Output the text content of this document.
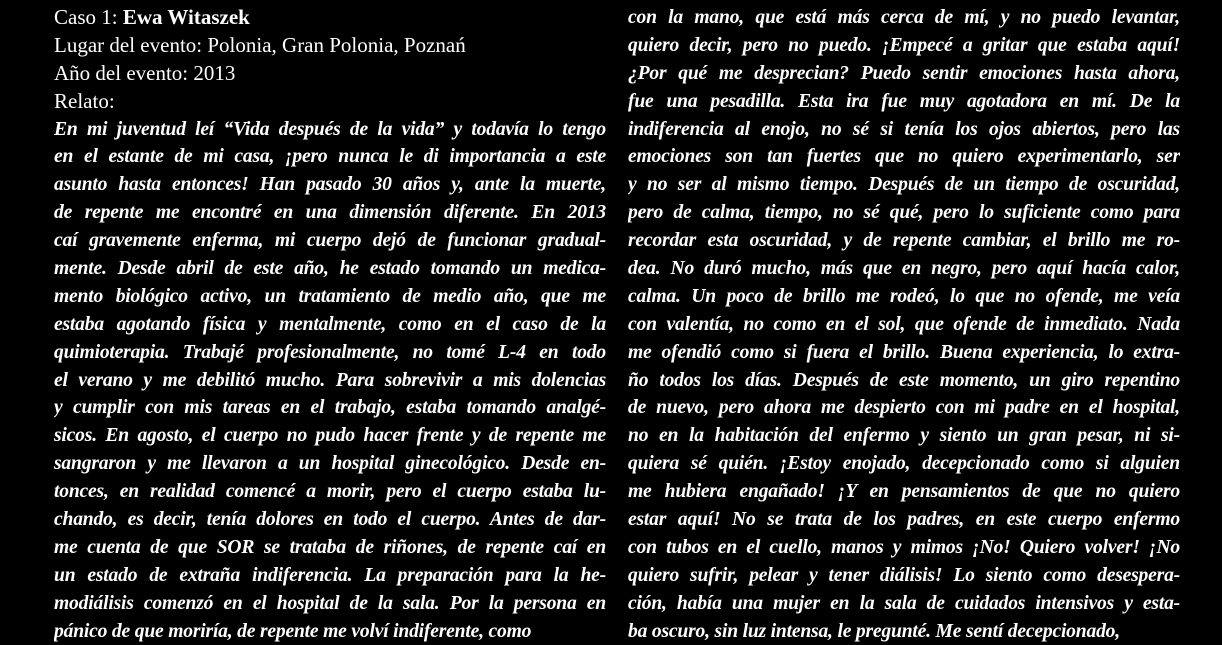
Caso 1: Ewa Witaszek
Lugar del evento: Polonia, Gran Polonia, Poznań
Año del evento: 2013
Relato:
En mi juventud leí “Vida después de la vida” y todavía lo tengo
en el estante de mi casa, ¡pero nunca le di importancia a este
asunto hasta entonces! Han pasado 30 años y, ante la muerte,
de repente me encontré en una dimensión diferente. En 2013
caí gravemente enferma, mi cuerpo dejó de funcionar gradual-
mente. Desde abril de este año, he estado tomando un medica-
mento biológico activo, un tratamiento de medio año, que me
estaba agotando física y mentalmente, como en el caso de la
quimioterapia. Trabajé profesionalmente, no tomé L-4 en todo
el verano y me debilitó mucho. Para sobrevivir a mis dolencias
y cumplir con mis tareas en el trabajo, estaba tomando analgé-
sicos. En agosto, el cuerpo no pudo hacer frente y de repente me
sangraron y me llevaron a un hospital ginecológico. Desde en-
tonces, en realidad comencé a morir, pero el cuerpo estaba lu-
chando, es decir, tenía dolores en todo el cuerpo. Antes de dar-
me cuenta de que SOR se trataba de riñones, de repente caí en
un estado de extraña indiferencia. La preparación para la he-
modiálisis comenzó en el hospital de la sala. Por la persona en
pánico de que moriría, de repente me volví indiferente, como
con la mano, que está más cerca de mí, y no puedo levantar,
quiero decir, pero no puedo. ¡Empecé a gritar que estaba aquí!
¿Por qué me desprecian? Puedo sentir emociones hasta ahora,
fue una pesadilla. Esta ira fue muy agotadora en mí. De la
indiferencia al enojo, no sé si tenía los ojos abiertos, pero las
emociones son tan fuertes que no quiero experimentarlo, ser
y no ser al mismo tiempo. Después de un tiempo de oscuridad,
pero de calma, tiempo, no sé qué, pero lo suficiente como para
recordar esta oscuridad, y de repente cambiar, el brillo me ro-
dea. No duró mucho, más que en negro, pero aquí hacía calor,
calma. Un poco de brillo me rodeó, lo que no ofende, me veía
con valentía, no como en el sol, que ofende de inmediato. Nada
me ofendió como si fuera el brillo. Buena experiencia, lo extra-
ño todos los días. Después de este momento, un giro repentino
de nuevo, pero ahora me despierto con mi padre en el hospital,
no en la habitación del enfermo y siento un gran pesar, ni si-
quiera sé quién. ¡Estoy enojado, decepcionado como si alguien
me hubiera engañado! ¡Y en pensamientos de que no quiero
estar aquí! No se trata de los padres, en este cuerpo enfermo
con tubos en el cuello, manos y mimos ¡No! Quiero volver! ¡No
quiero sufrir, pelear y tener diálisis! Lo siento como desespera-
ción, había una mujer en la sala de cuidados intensivos y esta-
ba oscuro, sin luz intensa, le pregunté. Me sentí decepcionado,
